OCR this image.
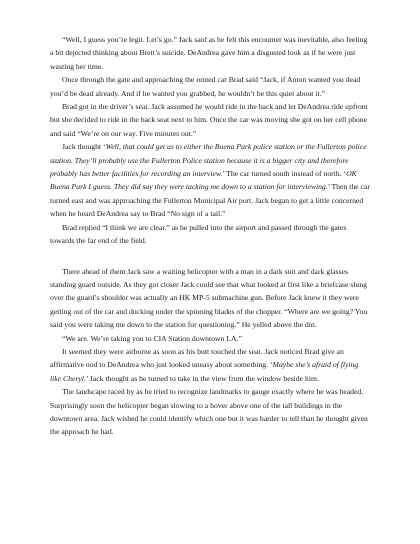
“Well, I guess you’re legit. Let’s go.” Jack said as he felt this encounter was inevitable, also feeling a bit dejected thinking about Brett’s suicide. DeAndrea gave him a disgusted look as if he were just wasting her time.

Once through the gate and approaching the rented car Brad said “Jack, if Anton wanted you dead you’d be dead already. And if he wanted you grabbed, he wouldn’t be this quiet about it.”

Brad got in the driver’s seat. Jack assumed he would ride in the back and let DeAndrea ride upfront but she decided to ride in the back seat next to him. Once the car was moving she got on her cell phone and said “We’re on our way. Five minutes out.”

Jack thought ‘Well, that could get us to either the Buena Park police station or the Fullerton police station. They’ll probably use the Fullerton Police station because it is a bigger city and therefore probably has better facilities for recording an interview.’ The car turned south instead of north. ‘OK Buena Park I guess. They did say they were tacking me down to a station for interviewing.’ Then the car turned east and was approaching the Fullerton Municipal Air port. Jack began to get a little concerned when he heard DeAndrea say to Brad “No sign of a tail.”

Brad replied “I think we are clear.” as he pulled into the airport and passed through the gates towards the far end of the field.

There ahead of them Jack saw a waiting helicopter with a man in a dark suit and dark glasses standing guard outside. As they got closer Jack could see that what looked at first like a briefcase slung over the guard’s shoulder was actually an HK MP-5 submachine gun. Before Jack knew it they were getting out of the car and ducking under the spinning blades of the chopper. “Where are we going? You said you were taking me down to the station for questioning.” He yelled above the din.

“We are. We’re taking you to CIA Station downtown LA.”

It seemed they were airborne as soon as his butt touched the seat. Jack noticed Brad give an affirmative nod to DeAndrea who just looked uneasy about something. ‘Maybe she’s afraid of flying like Cheryl.’ Jack thought as he turned to take in the view from the window beside him.

The landscape raced by as he tried to recognize landmarks to gauge exactly where he was headed. Surprisingly soon the helicopter began slowing to a hover above one of the tall buildings in the downtown area. Jack wished he could identify which one but it was harder to tell than he thought given the approach he had.
